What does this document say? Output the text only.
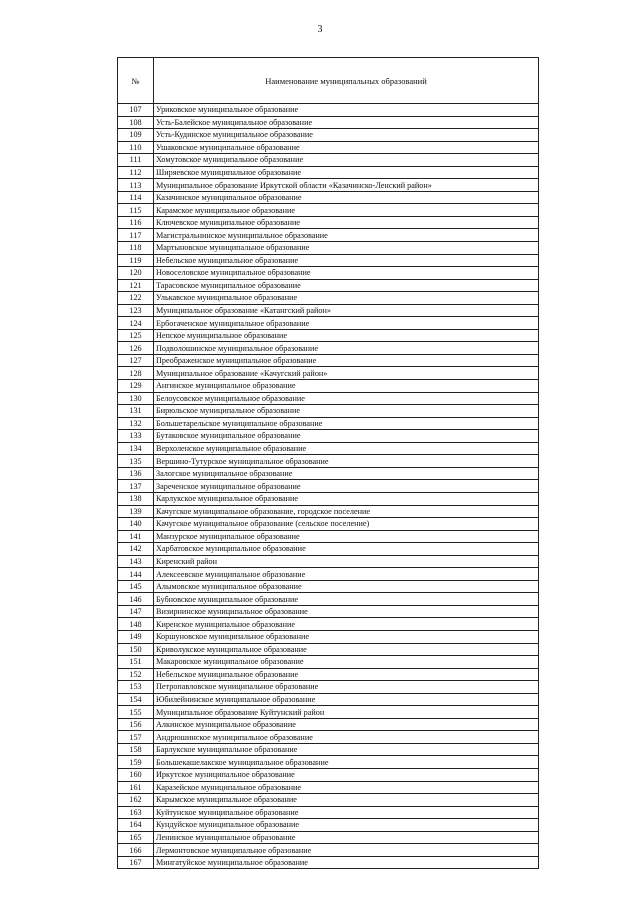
3
№	Наименование муниципальных образований
107	Уриковское муниципальное образование
108	Усть-Балейское муниципальное образование
109	Усть-Кудинское муниципальное образование
110	Ушаковское муниципальное образование
111	Хомутовское муниципальное образование
112	Ширяевское муниципальное образование
113	Муниципальное образование Иркутской области «Казачинско-Ленский район»
114	Казачинское муниципальное образование
115	Карамское муниципальное образование
116	Ключевское муниципальное образование
117	Магистральнинское муниципальное образование
118	Мартыновское муниципальное образование
119	Небельское муниципальное образование
120	Новоселовское муниципальное образование
121	Тарасовское муниципальное образование
122	Улькавское муниципальное образование
123	Муниципальное образование «Катангский район»
124	Ербогаченское муниципальное образование
125	Непское муниципальное образование
126	Подволошинское муниципальное образование
127	Преображенское муниципальное образование
128	Муниципальное образование «Качугский район»
129	Ангинское муниципальное образование
130	Белоусовское муниципальное образование
131	Бирюльское муниципальное образование
132	Большетарельское муниципальное образование
133	Бутаковское муниципальное образование
134	Верхоленское муниципальное образование
135	Вершино-Тутурское муниципальное образование
136	Залогское муниципальное образование
137	Зареченское муниципальное образование
138	Карлукское муниципальное образование
139	Качугское муниципальное образование, городское поселение
140	Качугское муниципальное образование (сельское поселение)
141	Манзурское муниципальное образование
142	Харбатовское муниципальное образование
143	Киренский район
144	Алексеевское муниципальное образование
145	Алымовское муниципальное образование
146	Бубновское муниципальное образование
147	Визирнинское муниципальное образование
148	Киренское муниципальное образование
149	Коршуновское муниципальное образование
150	Криволукское муниципальное образование
151	Макаровское муниципальное образование
152	Небельское муниципальное образование
153	Петропавловское муниципальное образование
154	Юбилейнинское муниципальное образование
155	Муниципальное образование Куйтунский район
156	Алкинское муниципальное образование
157	Андрюшинское муниципальное образование
158	Барлукское муниципальное образование
159	Большекашелакское муниципальное образование
160	Иркутское муниципальное образование
161	Каразейское муниципальное образование
162	Карымское муниципальное образование
163	Куйтунское муниципальное образование
164	Кундуйское муниципальное образование
165	Ленинское муниципальное образование
166	Лермонтовское муниципальное образование
167	Мингатуйское муниципальное образование
